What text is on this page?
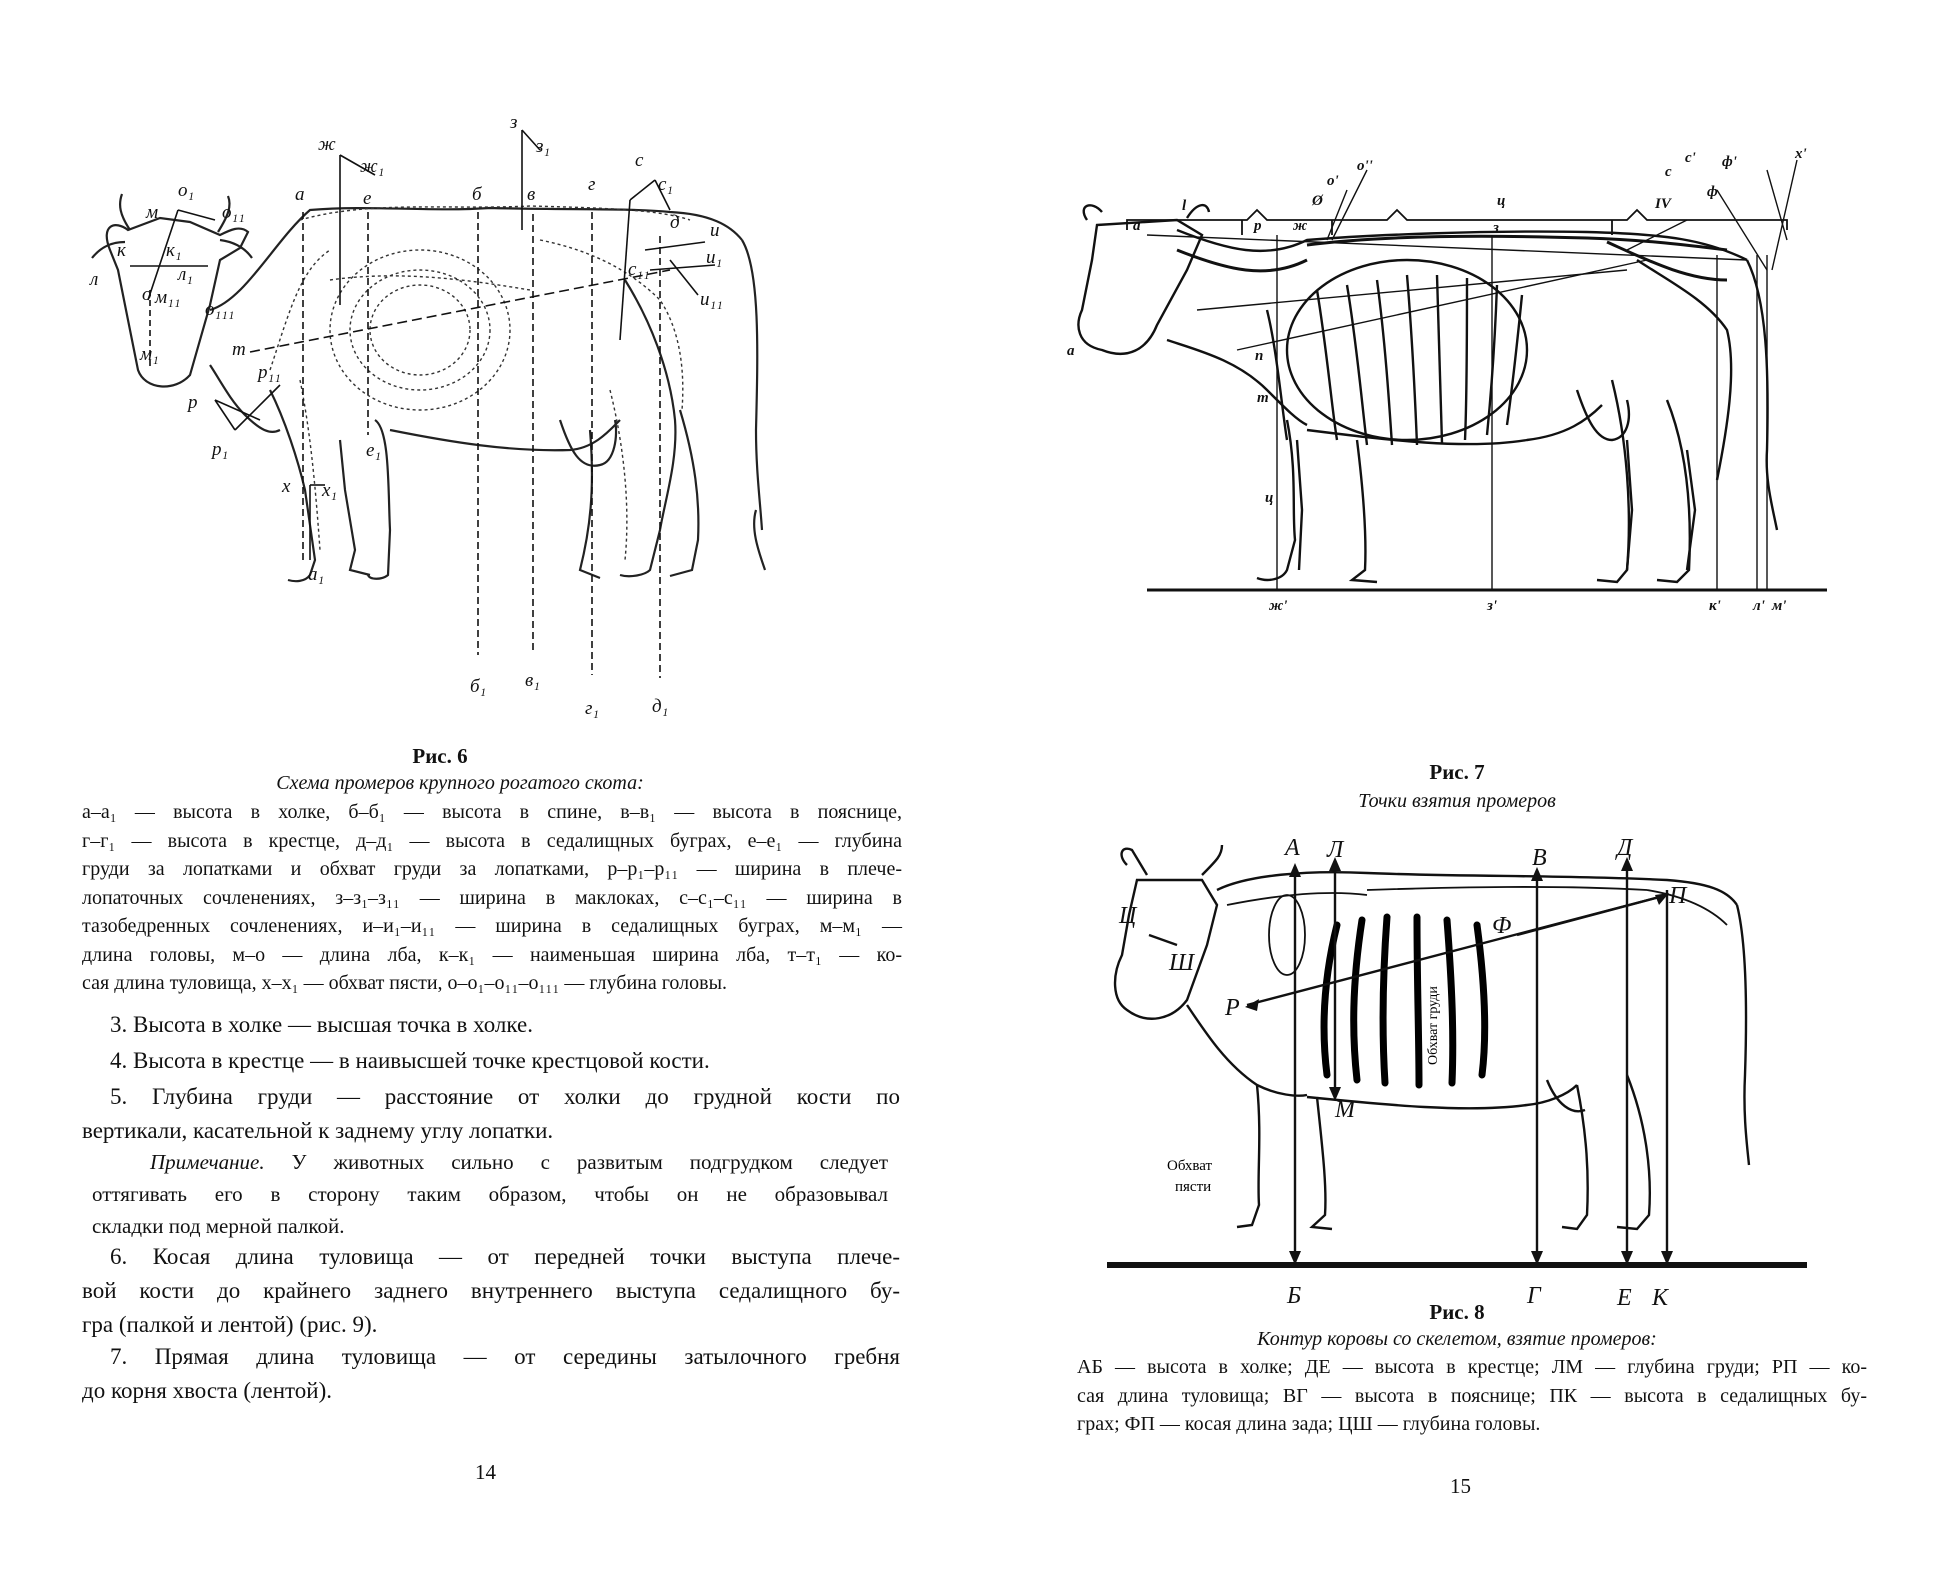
ж
ж₁
з
з₁
о₁
о₁₁
а	е	б в	г
с
с₁
д и
и₁
и₁₁
с₁₁
м
к к₁
л	л₁
о м₁₁
о₁₁₁
м₁	т
р₁₁
р
р₁	е₁
х х₁
а₁
б₁ в₁
г₁	д₁
Рис. 6
Схема промеров крупного рогатого скота:
а–а₁ — высота в холке, б–б₁ — высота в спине, в–в₁ — высота в пояснице,
г–г₁ — высота в крестце, д–д₁ — высота в седалищных буграх, е–е₁ — глубина
груди за лопатками и обхват груди за лопатками, р–р₁–р₁₁ — ширина в плече-
лопаточных сочленениях, з–з₁–з₁₁ — ширина в маклоках, с–с₁–с₁₁ — ширина в
тазобедренных сочленениях, и–и₁–и₁₁ — ширина в седалищных буграх, м–м₁ —
длина головы, м–о — длина лба, к–к₁ — наименьшая ширина лба, т–т₁ — ко-
сая длина туловища, х–х₁ — обхват пясти, о–о₁–о₁₁–о₁₁₁ — глубина головы.
3. Высота в холке — высшая точка в холке.
4. Высота в крестце — в наивысшей точке крестцовой кости.
5. Глубина груди — расстояние от холки до грудной кости по
вертикали, касательной к заднему углу лопатки.
Примечание. У животных сильно с развитым подгрудком следует
оттягивать его в сторону таким образом, чтобы он не образовывал
складки под мерной палкой.
6. Косая длина туловища — от передней точки выступа плече-
вой кости до крайнего заднего внутреннего выступа седалищного бу-
гра (палкой и лентой) (рис. 9).
7. Прямая длина туловища — от середины затылочного гребня
до корня хвоста (лентой).
14
l	Ø	ц
о'
о''
IV
ф
ф'	х'
с
с'
а	р ж	з
п
т
ц
а
ж'	з'	к' л' м'
Рис. 7
Точки взятия промеров
А Л	В	Д
Ц
Ш
Ф
П
Р
М
Б	Г	Е К
Обхват груди
Обхват
пясти
Рис. 8
Контур коровы со скелетом, взятие промеров:
АБ — высота в холке; ДЕ — высота в крестце; ЛМ — глубина груди; РП — ко-
сая длина туловища; ВГ — высота в пояснице; ПК — высота в седалищных бу-
грах; ФП — косая длина зада; ЦШ — глубина головы.
15
